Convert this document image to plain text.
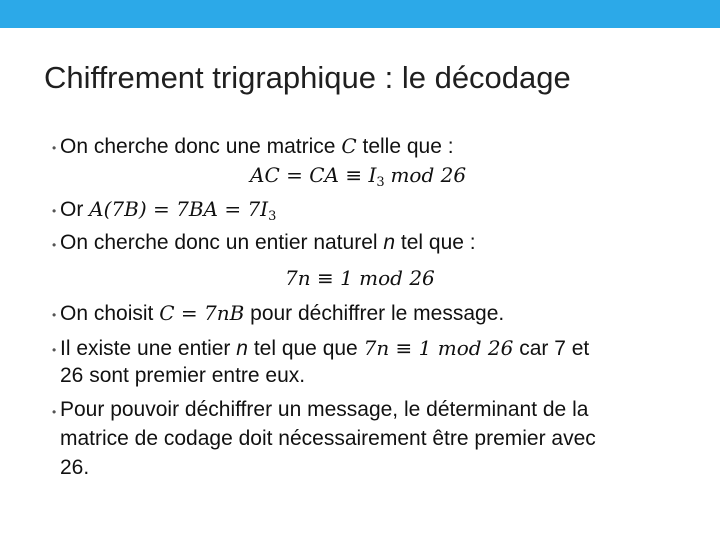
Chiffrement trigraphique : le décodage
• On cherche donc une matrice C telle que :
AC = CA ≡ $I_3$ mod 26
• Or $A(7B) = 7BA = 7I_3$
• On cherche donc un entier naturel n tel que :
7n ≡ 1 mod 26
• On choisit C = 7nB pour déchiffrer le message.
• Il existe une entier n tel que que 7n ≡ 1 mod 26 car 7 et
26 sont premier entre eux.
• Pour pouvoir déchiffrer un message, le déterminant de la
matrice de codage doit nécessairement être premier avec
26.
